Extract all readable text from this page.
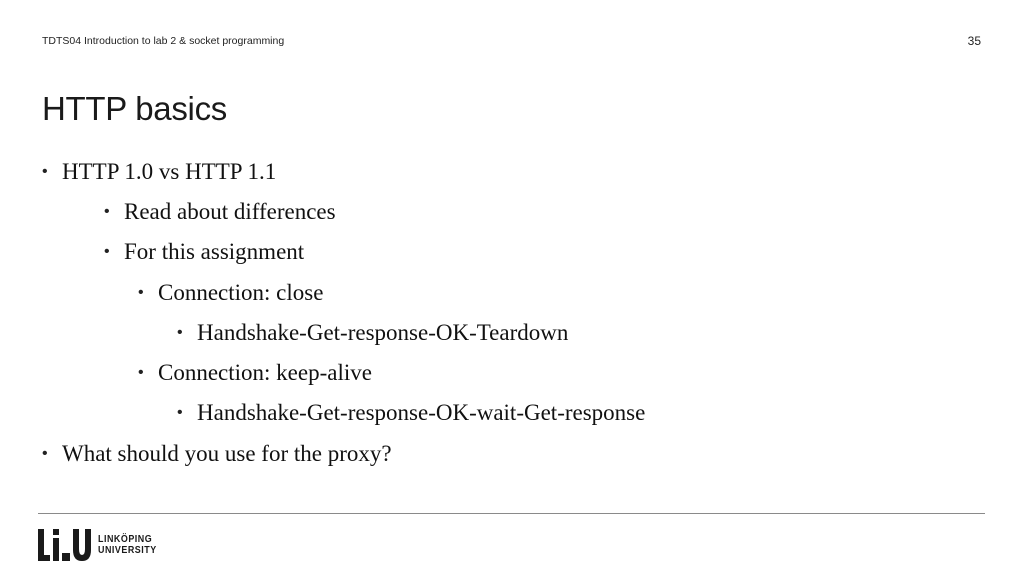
TDTS04 Introduction to lab 2 & socket programming	35
HTTP basics
• HTTP 1.0 vs HTTP 1.1
• Read about differences
• For this assignment
• Connection: close
• Handshake-Get-response-OK-Teardown
• Connection: keep-alive
• Handshake-Get-response-OK-wait-Get-response
• What should you use for the proxy?
LINKÖPING
UNIVERSITY
